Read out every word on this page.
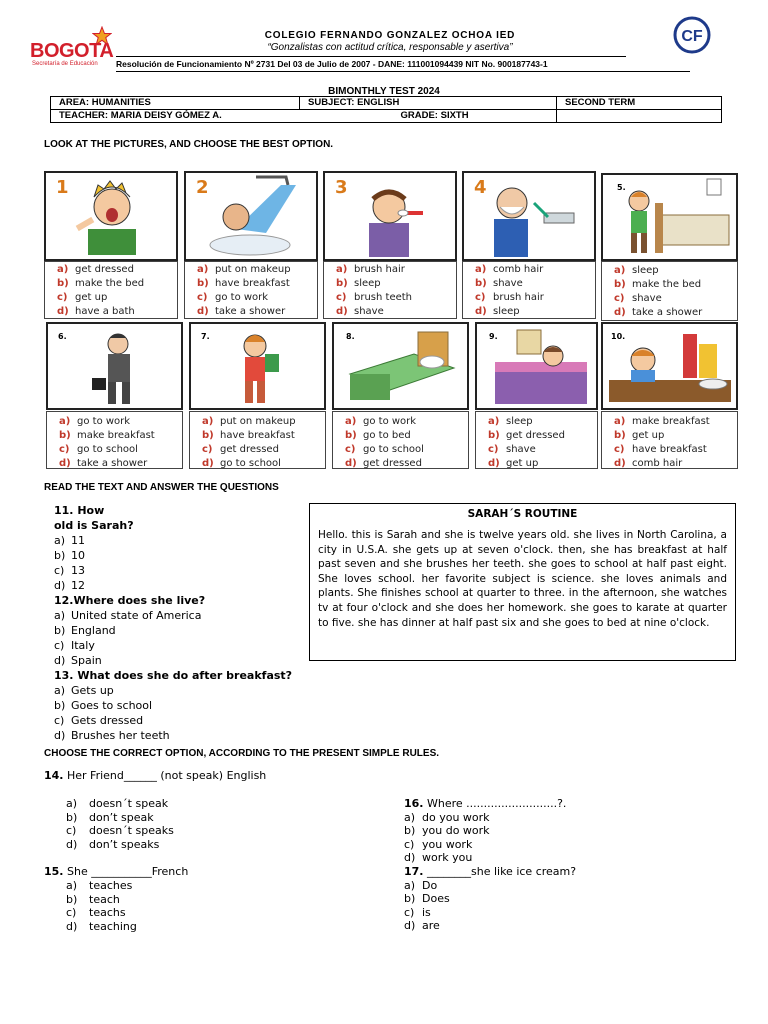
BOGOTA
Secretaría de Educación
COLEGIO FERNANDO GONZALEZ OCHOA IED
“Gonzalistas con actitud crítica, responsable y asertiva”
Resolución de Funcionamiento Nº 2731 Del 03 de Julio de 2007 - DANE: 111001094439 NIT No. 900187743-1
CF
BIMONTHLY TEST 2024
AREA: HUMANITIES	SUBJECT: ENGLISH	SECOND TERM
TEACHER: MARIA DEISY GÓMEZ A. GRADE: SIXTH		

LOOK AT THE PICTURES, AND CHOOSE THE BEST OPTION.
1	2	3	4	5.
a) get dressed
b) make the bed
c) get up
d) have a bath
a) put on makeup
b) have breakfast
c) go to work
d) take a shower
a) brush hair
b) sleep
c) brush teeth
d) shave
a) comb hair
b) shave
c) brush hair
d) sleep
a) sleep
b) make the bed
c) shave
d) take a shower
6.	7.	8.	9.	10.
a) go to work
b) make breakfast
c) go to school
d) take a shower
a) put on makeup
b) have breakfast
c) get dressed
d) go to school
a) go to work
b) go to bed
c) go to school
d) get dressed
a) sleep
b) get dressed
c) shave
d) get up
a) make breakfast
b) get up
c) have breakfast
d) comb hair
READ THE TEXT AND ANSWER THE QUESTIONS
11. How
old is Sarah?
a) 11
b) 10
c) 13
d) 12
12.Where does she live?
a) United state of America
b) England
c) Italy
d) Spain
13. What does she do after breakfast?
a) Gets up
b) Goes to school
c) Gets dressed
d) Brushes her teeth
SARAH´S ROUTINE
Hello. this is Sarah and she is twelve years old. she lives in North Carolina, a city in U.S.A. she gets up at seven o'clock. then, she has breakfast at half past seven and she brushes her teeth. she goes to school at half past eight. She loves school. her favorite subject is science. she loves animals and plants. She finishes school at quarter to three. in the afternoon, she watches tv at four o'clock and she does her homework. she goes to karate at quarter to five. she has dinner at half past six and she goes to bed at nine o'clock.
CHOOSE THE CORRECT OPTION, ACCORDING TO THE PRESENT SIMPLE RULES.
14. Her Friend______ (not speak) English
a) doesn´t speak
b) don’t speak
c) doesn´t speaks
d) don’t speaks
15. She ___________French
a) teaches
b) teach
c) teachs
d) teaching
16. Where ..........................?.
a) do you work
b) you do work
c) you work
d) work you
17. ________she like ice cream?
a) Do
b) Does
c) is
d) are
